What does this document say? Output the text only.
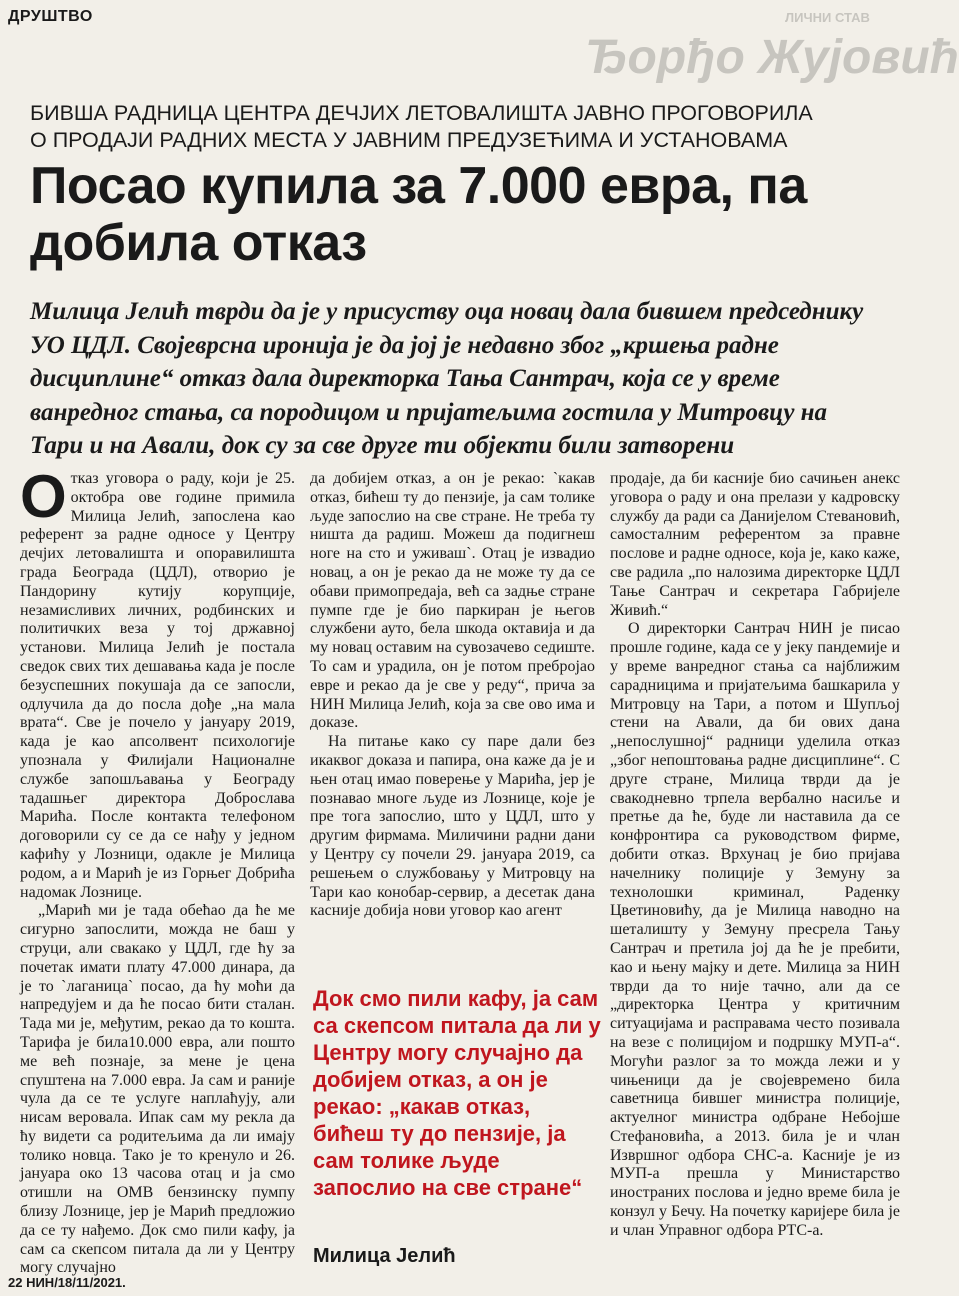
ДРУШТВО	ЛИЧНИ СТАВ
Ђорђо Жујовић
БИВША РАДНИЦА ЦЕНТРА ДЕЧЈИХ ЛЕТОВАЛИШТА ЈАВНО ПРОГОВОРИЛА О ПРОДАЈИ РАДНИХ МЕСТА У ЈАВНИМ ПРЕДУЗЕЋИМА И УСТАНОВАМА
Посао купила за 7.000 евра, па добила отказ
Милица Јелић тврди да је у присуству оца новац дала бившем председнику УО ЦДЛ. Својеврсна иронија је да јој је недавно због „кршења радне дисциплине“ отказ дала директорка Тања Сантрач, која се у време ванредног стања, са породицом и пријатељима гостила у Митровцу на Тари и на Авали, док су за све друге ти објекти били затворени
О тказ уговора о раду, који је 25. октобра ове године примила Милица Јелић, запослена као референт за радне односе у Центру дечјих летовалишта и опоравилишта града Београда (ЦДЛ), отворио је Пандорину кутију корупције, незамисливих личних, родбинских и политичких веза у тој државној установи. Милица Јелић је постала сведок свих тих дешавања када је после безуспешних покушаја да се запосли, одлучила да до посла дође „на мала врата“. Све је почело у јануару 2019, када је као апсолвент психологије упознала у Филијали Националне службе запошљавања у Београду тадашњег директора Доброслава Марића. После контакта телефоном договорили су се да се нађу у једном кафићу у Лозници, одакле је Милица родом, а и Марић је из Горњег Добрића надомак Лознице.

„Марић ми је тада обећао да ће ме сигурно запослити, можда не баш у струци, али свакако у ЦДЛ, где ћу за почетак имати плату 47.000 динара, да је то `лаганица` посао, да ћу моћи да напредујем и да ће посао бити сталан. Тада ми је, међутим, рекао да то кошта. Тарифа је била10.000 евра, али пошто ме већ познаје, за мене је цена спуштена на 7.000 евра. Ја сам и раније чула да се те услуге наплаћују, али нисам веровала. Ипак сам му рекла да ћу видети са родитељима да ли имају толико новца. Тако је то кренуло и 26. јануара око 13 часова отац и ја смо отишли на ОМВ бензинску пумпу близу Лознице, јер је Марић предложио да се ту нађемо. Док смо пили кафу, ја сам са скепсом питала да ли у Центру могу случајно

да добијем отказ, а он је рекао: `какав отказ, бићеш ту до пензије, ја сам толике људе запослио на све стране. Не треба ту ништа да радиш. Можеш да подигнеш ноге на сто и уживаш`. Отац је извадио новац, а он је рекао да не може ту да се обави примопредаја, већ са задње стране пумпе где је био паркиран је његов службени ауто, бела шкода октавија и да му новац оставим на сувозачево седиште. То сам и урадила, он је потом пребројао евре и рекао да је све у реду“, прича за НИН Милица Јелић, која за све ово има и доказе.

На питање како су паре дали без икаквог доказа и папира, она каже да је и њен отац имао поверење у Марића, јер је познавао многе људе из Лознице, које је пре тога запослио, што у ЦДЛ, што у другим фирмама. Миличини радни дани у Центру су почели 29. јануара 2019, са решењем о службовању у Митровцу на Тари као конобар-сервир, а десетак дана касније добија нови уговор као агент

Док смо пили кафу, ја сам са скепсом питала да ли у Центру могу случајно да добијем отказ, а он је рекао: „какав отказ, бићеш ту до пензије, ја сам толике људе запослио на све стране“
Милица Јелић

продаје, да би касније био сачињен анекс уговора о раду и она прелази у кадровску службу да ради са Данијелом Стевановић, самосталним референтом за правне послове и радне односе, која је, како каже, све радила „по налозима директорке ЦДЛ Тање Сантрач и секретара Габријеле Живић.“

О директорки Сантрач НИН је писао прошле године, када се у јеку пандемије и у време ванредног стања са најближим сарадницима и пријатељима башкарила у Митровцу на Тари, а потом и Шупљој стени на Авали, да би ових дана „непослушној“ радници уделила отказ „због непоштовања радне дисциплине“. С друге стране, Милица тврди да је свакодневно трпела вербално насиље и претње да ће, буде ли наставила да се конфронтира са руководством фирме, добити отказ. Врхунац је био пријава начелнику полиције у Земуну за технолошки криминал, Раденку Цветиновићу, да је Милица наводно на шеталишту у Земуну пресрела Тању Сантрач и претила јој да ће је пребити, као и њену мајку и дете. Милица за НИН тврди да то није тачно, али да се „директорка Центра у критичним ситуацијама и расправама често позивала на везе с полицијом и подршку МУП-а“. Могући разлог за то можда лежи и у чињеници да је својевремено била саветница бившег министра полиције, актуелног министра одбране Небојше Стефановића, а 2013. била је и члан Извршног одбора СНС-а. Касније је из МУП-а прешла у Министарство иностраних послова и једно време била је конзул у Бечу. На почетку каријере била је и члан Управног одбора РТС-а.

22 НИН/18/11/2021.
